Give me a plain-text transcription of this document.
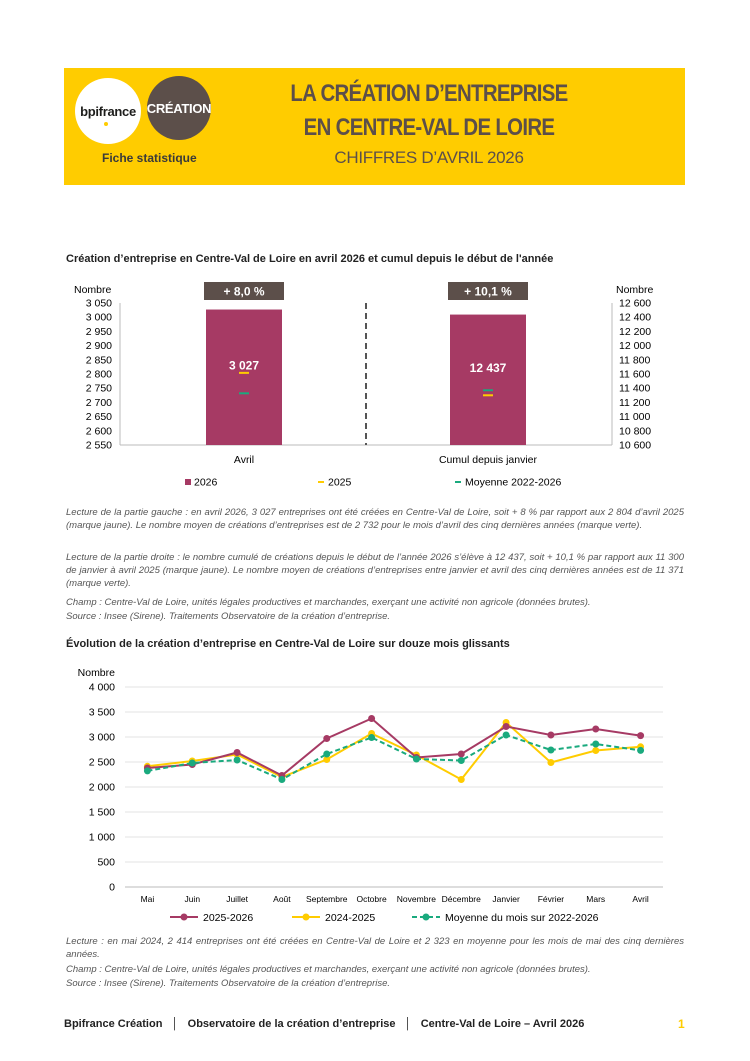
bpifrance CRÉATION
Fiche statistique
LA CRÉATION D’ENTREPRISE
EN CENTRE-VAL DE LOIRE
CHIFFRES D’AVRIL 2026
Création d’entreprise en Centre-Val de Loire en avril 2026 et cumul depuis le début de l'année
Nombre	Nombre
2 550
2 600
2 650
2 700
2 750
2 800
2 850
2 900
2 950
3 000
3 050
10 600
10 800
11 000
11 200
11 400
11 600
11 800
12 000
12 200
12 400
12 600
3 027
+ 8,0 %
Avril
12 437
+ 10,1 %
Cumul depuis janvier
2026	2025	Moyenne 2022-2026
Lecture de la partie gauche : en avril 2026, 3 027 entreprises ont été créées en Centre-Val de Loire, soit + 8 % par rapport aux 2 804 d’avril 2025 (marque jaune). Le nombre moyen de créations d’entreprises est de 2 732 pour le mois d’avril des cinq dernières années (marque verte).
Lecture de la partie droite : le nombre cumulé de créations depuis le début de l’année 2026 s’élève à 12 437, soit + 10,1 % par rapport aux 11 300 de janvier à avril 2025 (marque jaune). Le nombre moyen de créations d’entreprises entre janvier et avril des cinq dernières années est de 11 371 (marque verte).
Champ : Centre-Val de Loire, unités légales productives et marchandes, exerçant une activité non agricole (données brutes).
Source : Insee (Sirene). Traitements Observatoire de la création d’entreprise.
Évolution de la création d’entreprise en Centre-Val de Loire sur douze mois glissants
Nombre
0
500
1 000
1 500
2 000
2 500
3 000
3 500
4 000
Mai	Juin	Juillet	Août Septembre Octobre Novembre Décembre Janvier Février	Mars	Avril
2025-2026	2024-2025	Moyenne du mois sur 2022-2026
Lecture : en mai 2024, 2 414 entreprises ont été créées en Centre-Val de Loire et 2 323 en moyenne pour les mois de mai des cinq dernières années.
Champ : Centre-Val de Loire, unités légales productives et marchandes, exerçant une activité non agricole (données brutes).
Source : Insee (Sirene). Traitements Observatoire de la création d’entreprise.
Bpifrance Création │ Observatoire de la création d’entreprise │ Centre-Val de Loire – Avril 2026	1
